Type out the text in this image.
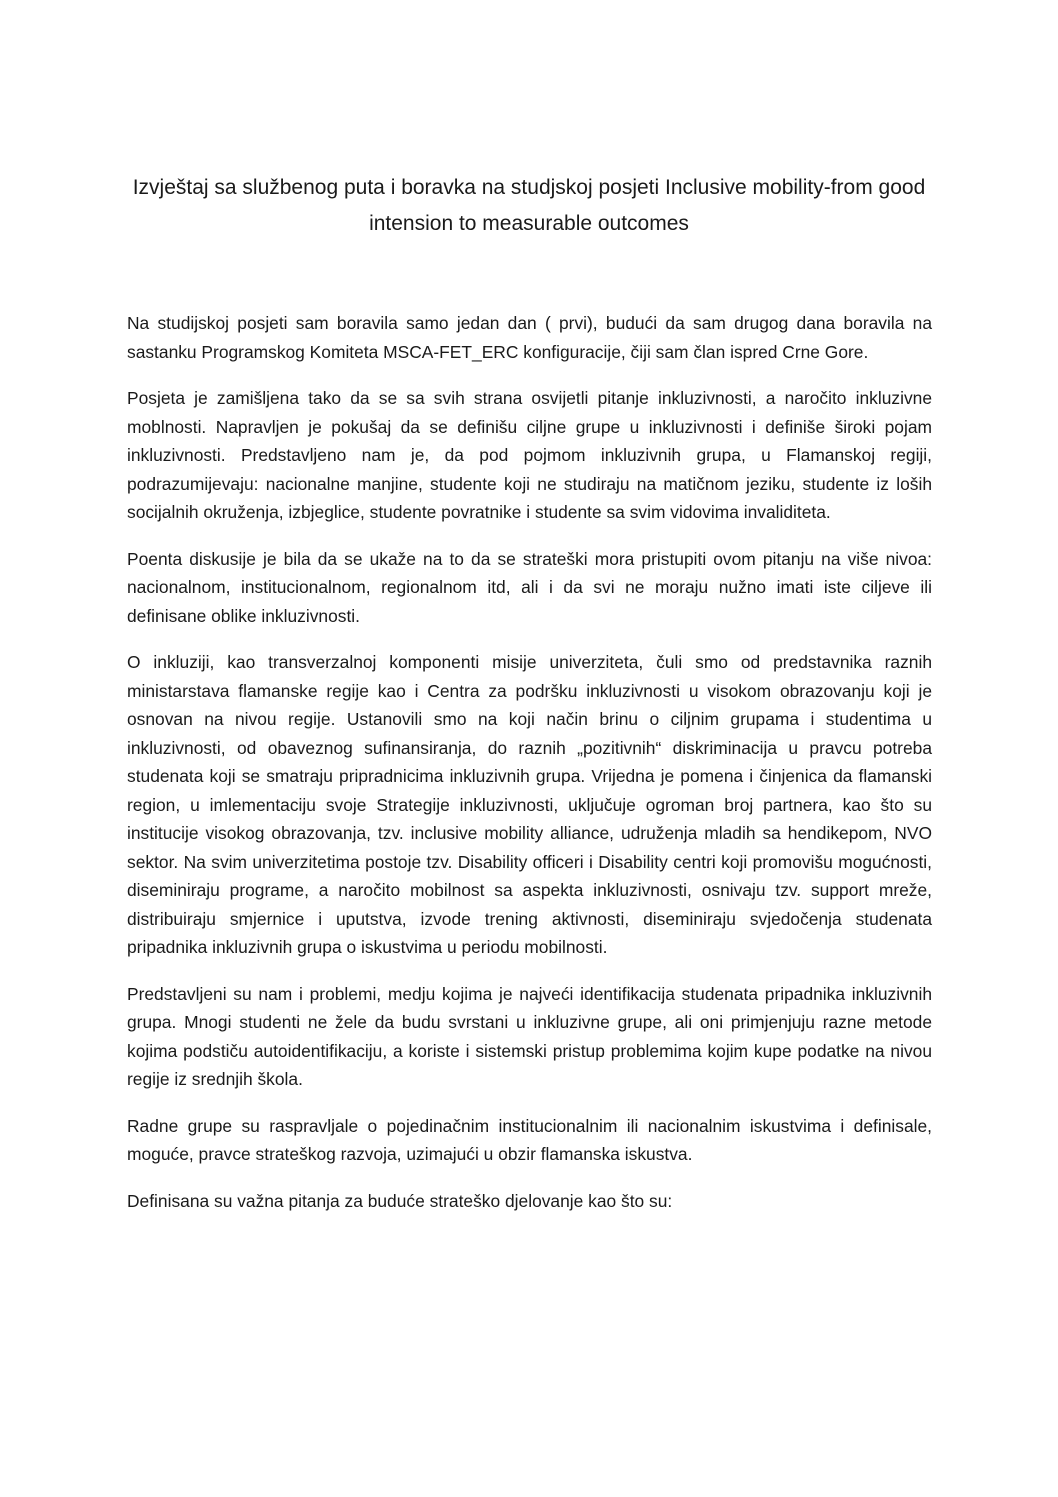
Izvještaj sa službenog puta i boravka na studjskoj posjeti Inclusive mobility-from good intension to measurable outcomes

Na studijskoj posjeti sam boravila samo jedan dan ( prvi), budući da sam drugog dana boravila na sastanku Programskog Komiteta MSCA-FET_ERC konfiguracije, čiji sam član ispred Crne Gore.

Posjeta je zamišljena tako da se sa svih strana osvijetli pitanje inkluzivnosti, a naročito inkluzivne moblnosti. Napravljen je pokušaj da se definišu ciljne grupe u inkluzivnosti i definiše široki pojam inkluzivnosti. Predstavljeno nam je, da pod pojmom inkluzivnih grupa, u Flamanskoj regiji, podrazumijevaju: nacionalne manjine, studente koji ne studiraju na matičnom jeziku, studente iz loših socijalnih okruženja, izbjeglice, studente povratnike i studente sa svim vidovima invaliditeta.

Poenta diskusije je bila da se ukaže na to da se strateški mora pristupiti ovom pitanju na više nivoa: nacionalnom, institucionalnom, regionalnom itd, ali i da svi ne moraju nužno imati iste ciljeve ili definisane oblike inkluzivnosti.

O inkluziji, kao transverzalnoj komponenti misije univerziteta, čuli smo od predstavnika raznih ministarstava flamanske regije kao i Centra za podršku inkluzivnosti u visokom obrazovanju koji je osnovan na nivou regije. Ustanovili smo na koji način brinu o ciljnim grupama i studentima u inkluzivnosti, od obaveznog sufinansiranja, do raznih „pozitivnih“ diskriminacija u pravcu potreba studenata koji se smatraju pripradnicima inkluzivnih grupa. Vrijedna je pomena i činjenica da flamanski region, u imlementaciju svoje Strategije inkluzivnosti, uključuje ogroman broj partnera, kao što su institucije visokog obrazovanja, tzv. inclusive mobility alliance, udruženja mladih sa hendikepom, NVO sektor. Na svim univerzitetima postoje tzv. Disability officeri i Disability centri koji promovišu mogućnosti, diseminiraju programe, a naročito mobilnost sa aspekta inkluzivnosti, osnivaju tzv. support mreže, distribuiraju smjernice i uputstva, izvode trening aktivnosti, diseminiraju svjedočenja studenata pripadnika inkluzivnih grupa o iskustvima u periodu mobilnosti.

Predstavljeni su nam i problemi, medju kojima je najveći identifikacija studenata pripadnika inkluzivnih grupa. Mnogi studenti ne žele da budu svrstani u inkluzivne grupe, ali oni primjenjuju razne metode kojima podstiču autoidentifikaciju, a koriste i sistemski pristup problemima kojim kupe podatke na nivou regije iz srednjih škola.

Radne grupe su raspravljale o pojedinačnim institucionalnim ili nacionalnim iskustvima i definisale, moguće, pravce strateškog razvoja, uzimajući u obzir flamanska iskustva.

Definisana su važna pitanja za buduće strateško djelovanje kao što su:
